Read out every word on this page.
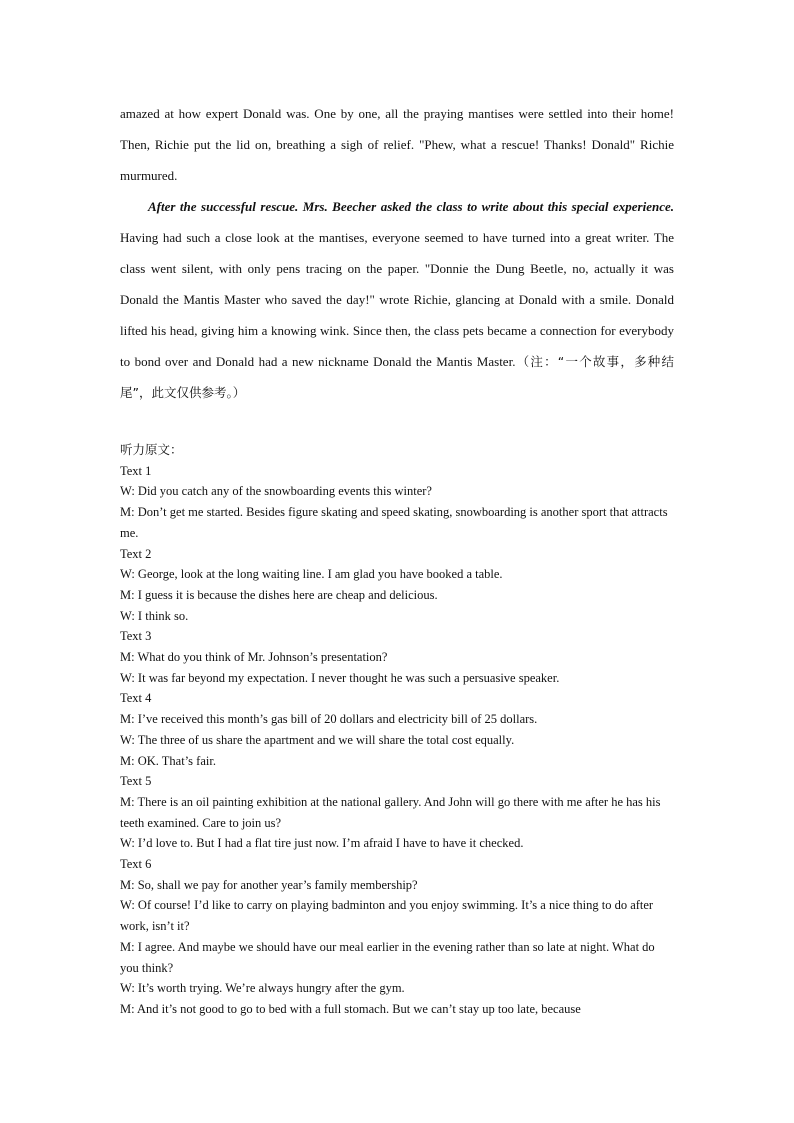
amazed at how expert Donald was. One by one, all the praying mantises were settled into their home! Then, Richie put the lid on, breathing a sigh of relief. "Phew, what a rescue! Thanks! Donald" Richie murmured.

After the successful rescue. Mrs. Beecher asked the class to write about this special experience. Having had such a close look at the mantises, everyone seemed to have turned into a great writer. The class went silent, with only pens tracing on the paper. "Donnie the Dung Beetle, no, actually it was Donald the Mantis Master who saved the day!" wrote Richie, glancing at Donald with a smile. Donald lifted his head, giving him a knowing wink. Since then, the class pets became a connection for everybody to bond over and Donald had a new nickname Donald the Mantis Master.（注：“一个故事，多种结尾”，此文仅供参考。）

听力原文：
Text 1
W: Did you catch any of the snowboarding events this winter?
M: Don’t get me started. Besides figure skating and speed skating, snowboarding is another sport that attracts me.
Text 2
W: George, look at the long waiting line. I am glad you have booked a table.
M: I guess it is because the dishes here are cheap and delicious.
W: I think so.
Text 3
M: What do you think of Mr. Johnson’s presentation?
W: It was far beyond my expectation. I never thought he was such a persuasive speaker.
Text 4
M: I’ve received this month’s gas bill of 20 dollars and electricity bill of 25 dollars.
W: The three of us share the apartment and we will share the total cost equally.
M: OK. That’s fair.
Text 5
M: There is an oil painting exhibition at the national gallery. And John will go there with me after he has his teeth examined. Care to join us?
W: I’d love to. But I had a flat tire just now. I’m afraid I have to have it checked.
Text 6
M: So, shall we pay for another year’s family membership?
W: Of course! I’d like to carry on playing badminton and you enjoy swimming. It’s a nice thing to do after work, isn’t it?
M: I agree. And maybe we should have our meal earlier in the evening rather than so late at night. What do you think?
W: It’s worth trying. We’re always hungry after the gym.
M: And it’s not good to go to bed with a full stomach. But we can’t stay up too late, because
